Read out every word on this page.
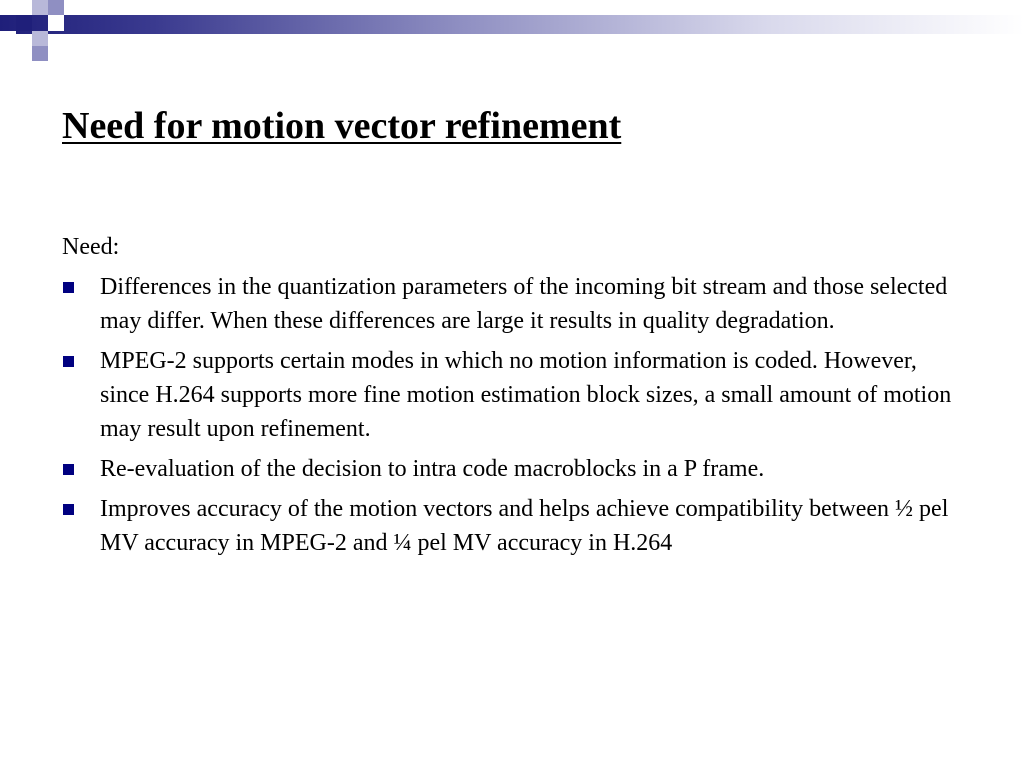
Need for motion vector refinement

Need:

Differences in the quantization parameters of the incoming bit stream and those selected may differ. When these differences are large it results in quality degradation.
MPEG-2 supports certain modes in which no motion information is coded. However, since H.264 supports more fine motion estimation block sizes, a small amount of motion may result upon refinement.
Re-evaluation of the decision to intra code macroblocks in a P frame.
Improves accuracy of the motion vectors and helps achieve compatibility between ½ pel MV accuracy in MPEG-2 and ¼ pel MV accuracy in H.264
